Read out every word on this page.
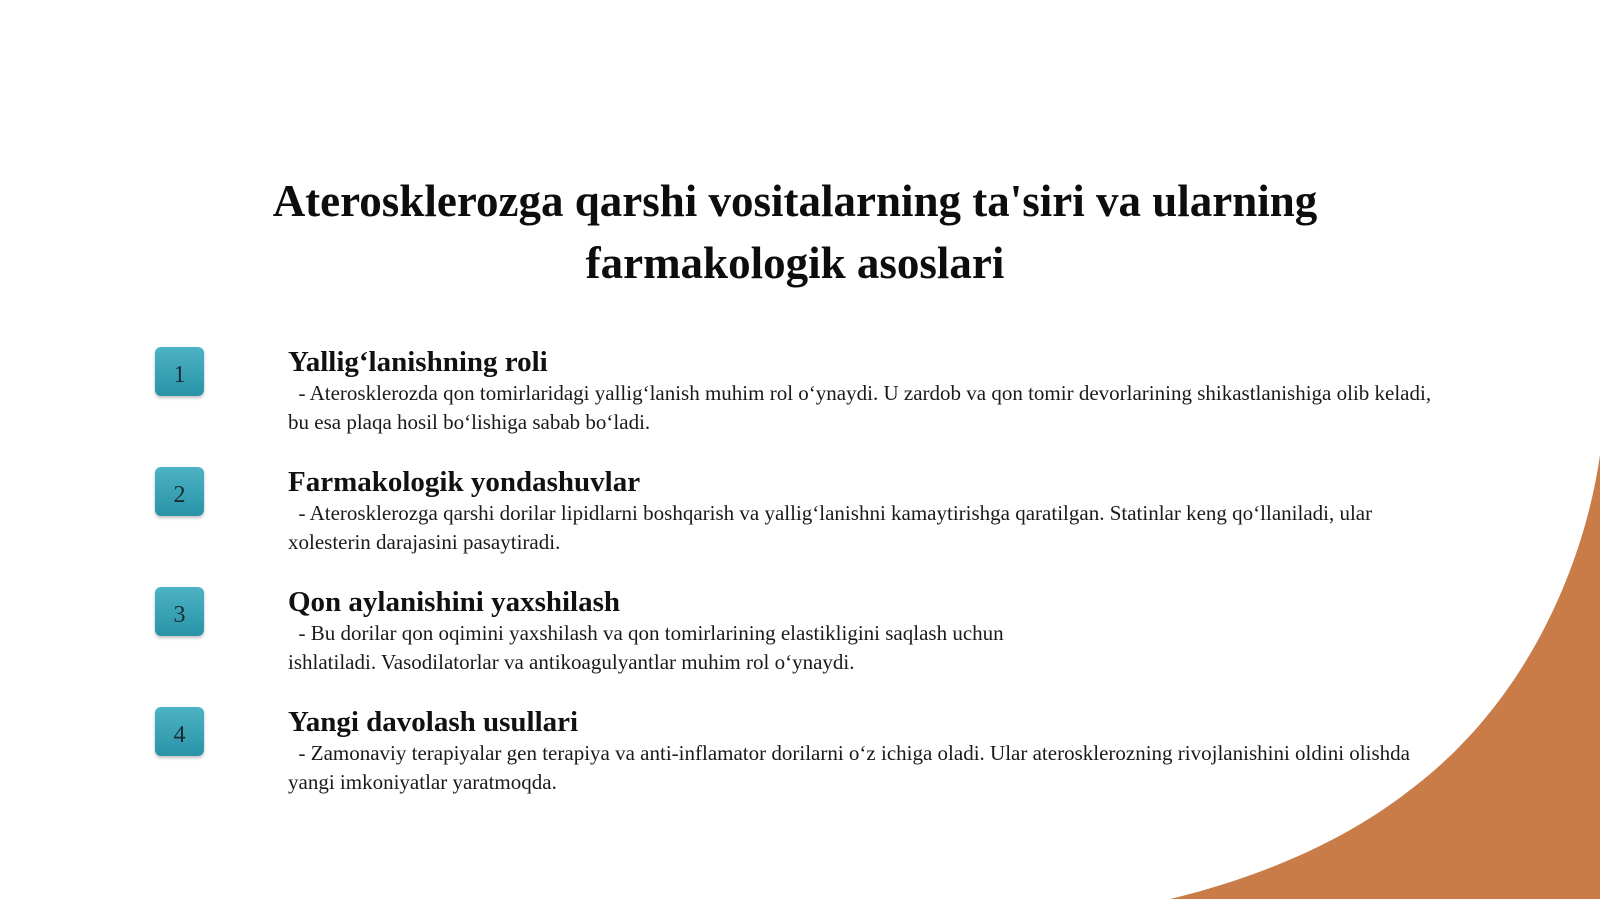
Aterosklerozga qarshi vositalarning ta'siri va ularning farmakologik asoslari
1	Yallig‘lanishning roli

- Aterosklerozda qon tomirlaridagi yallig‘lanish muhim rol o‘ynaydi. U zardob va qon tomir devorlarining shikastlanishiga olib keladi, bu esa plaqa hosil bo‘lishiga sabab bo‘ladi.

2	Farmakologik yondashuvlar

- Aterosklerozga qarshi dorilar lipidlarni boshqarish va yallig‘lanishni kamaytirishga qaratilgan. Statinlar keng qo‘llaniladi, ular xolesterin darajasini pasaytiradi.

3	Qon aylanishini yaxshilash

- Bu dorilar qon oqimini yaxshilash va qon tomirlarining elastikligini saqlash uchun ishlatiladi. Vasodilatorlar va antikoagulyantlar muhim rol o‘ynaydi.

4	Yangi davolash usullari

- Zamonaviy terapiyalar gen terapiya va anti-inflamator dorilarni o‘z ichiga oladi. Ular aterosklerozning rivojlanishini oldini olishda yangi imkoniyatlar yaratmoqda.
